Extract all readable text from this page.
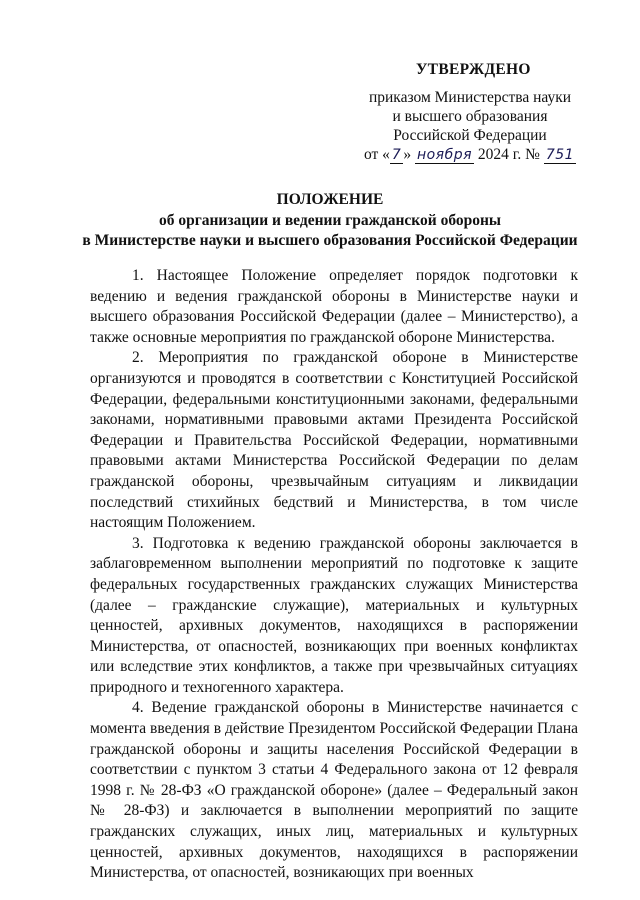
УТВЕРЖДЕНО
приказом Министерства науки
и высшего образования
Российской Федерации
от « 7 » ноября 2024 г. № 751
ПОЛОЖЕНИЕ
об организации и ведении гражданской обороны
в Министерстве науки и высшего образования Российской Федерации

1. Настоящее Положение определяет порядок подготовки к ведению и ведения гражданской обороны в Министерстве науки и высшего образования Российской Федерации (далее – Министерство), а также основные мероприятия по гражданской обороне Министерства.

2. Мероприятия по гражданской обороне в Министерстве организуются и проводятся в соответствии с Конституцией Российской Федерации, федеральными конституционными законами, федеральными законами, нормативными правовыми актами Президента Российской Федерации и Правительства Российской Федерации, нормативными правовыми актами Министерства Российской Федерации по делам гражданской обороны, чрезвычайным ситуациям и ликвидации последствий стихийных бедствий и Министерства, в том числе настоящим Положением.

3. Подготовка к ведению гражданской обороны заключается в заблаговременном выполнении мероприятий по подготовке к защите федеральных государственных гражданских служащих Министерства (далее – гражданские служащие), материальных и культурных ценностей, архивных документов, находящихся в распоряжении Министерства, от опасностей, возникающих при военных конфликтах или вследствие этих конфликтов, а также при чрезвычайных ситуациях природного и техногенного характера.

4. Ведение гражданской обороны в Министерстве начинается с момента введения в действие Президентом Российской Федерации Плана гражданской обороны и защиты населения Российской Федерации в соответствии с пунктом 3 статьи 4 Федерального закона от 12 февраля 1998 г. № 28-ФЗ «О гражданской обороне» (далее – Федеральный закон № 28-ФЗ) и заключается в выполнении мероприятий по защите гражданских служащих, иных лиц, материальных и культурных ценностей, архивных документов, находящихся в распоряжении Министерства, от опасностей, возникающих при военных
